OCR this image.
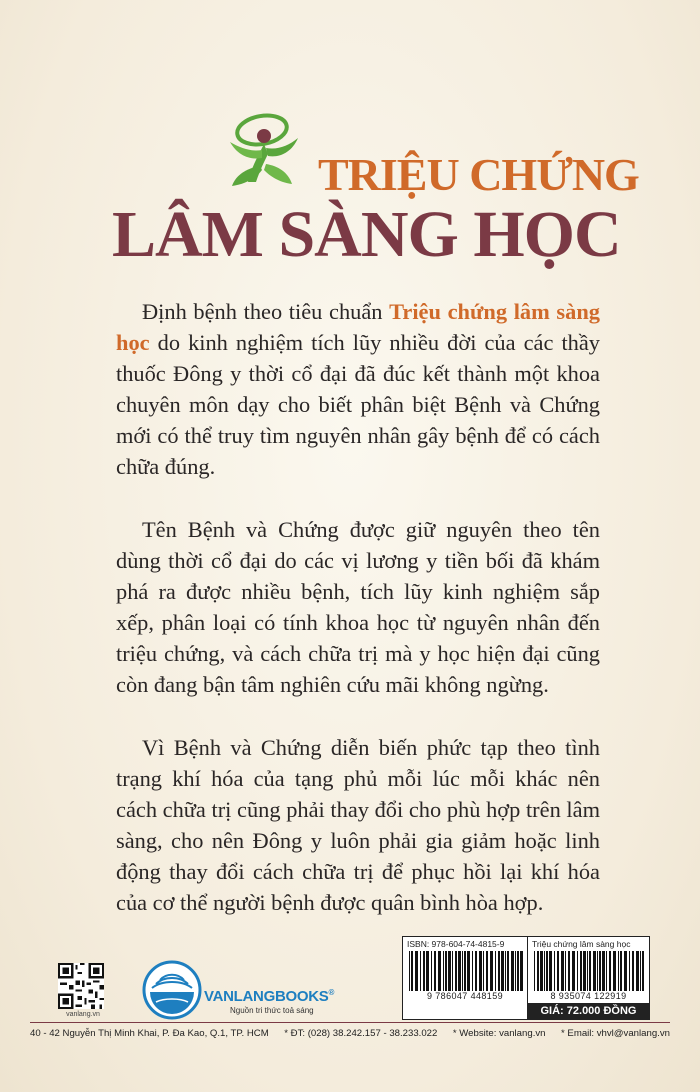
TRIỆU CHỨNG
LÂM SÀNG HỌC

Định bệnh theo tiêu chuẩn Triệu chứng lâm sàng học do kinh nghiệm tích lũy nhiều đời của các thầy thuốc Đông y thời cổ đại đã đúc kết thành một khoa chuyên môn dạy cho biết phân biệt Bệnh và Chứng mới có thể truy tìm nguyên nhân gây bệnh để có cách chữa đúng.

Tên Bệnh và Chứng được giữ nguyên theo tên dùng thời cổ đại do các vị lương y tiền bối đã khám phá ra được nhiều bệnh, tích lũy kinh nghiệm sắp xếp, phân loại có tính khoa học từ nguyên nhân đến triệu chứng, và cách chữa trị mà y học hiện đại cũng còn đang bận tâm nghiên cứu mãi không ngừng.

Vì Bệnh và Chứng diễn biến phức tạp theo tình trạng khí hóa của tạng phủ mỗi lúc mỗi khác nên cách chữa trị cũng phải thay đổi cho phù hợp trên lâm sàng, cho nên Đông y luôn phải gia giảm hoặc linh động thay đổi cách chữa trị để phục hồi lại khí hóa của cơ thể người bệnh được quân bình hòa hợp.

vanlang.vn
VANLANGBOOKS®
Nguồn tri thức toả sáng
ISBN: 978-604-74-4815-9
9 786047 448159
Triệu chứng lâm sàng học
8 935074 122919
GIÁ: 72.000 ĐỒNG
40 - 42 Nguyễn Thị Minh Khai, P. Đa Kao, Q.1, TP. HCM * ĐT: (028) 38.242.157 - 38.233.022 * Website: vanlang.vn * Email: vhvl@vanlang.vn
